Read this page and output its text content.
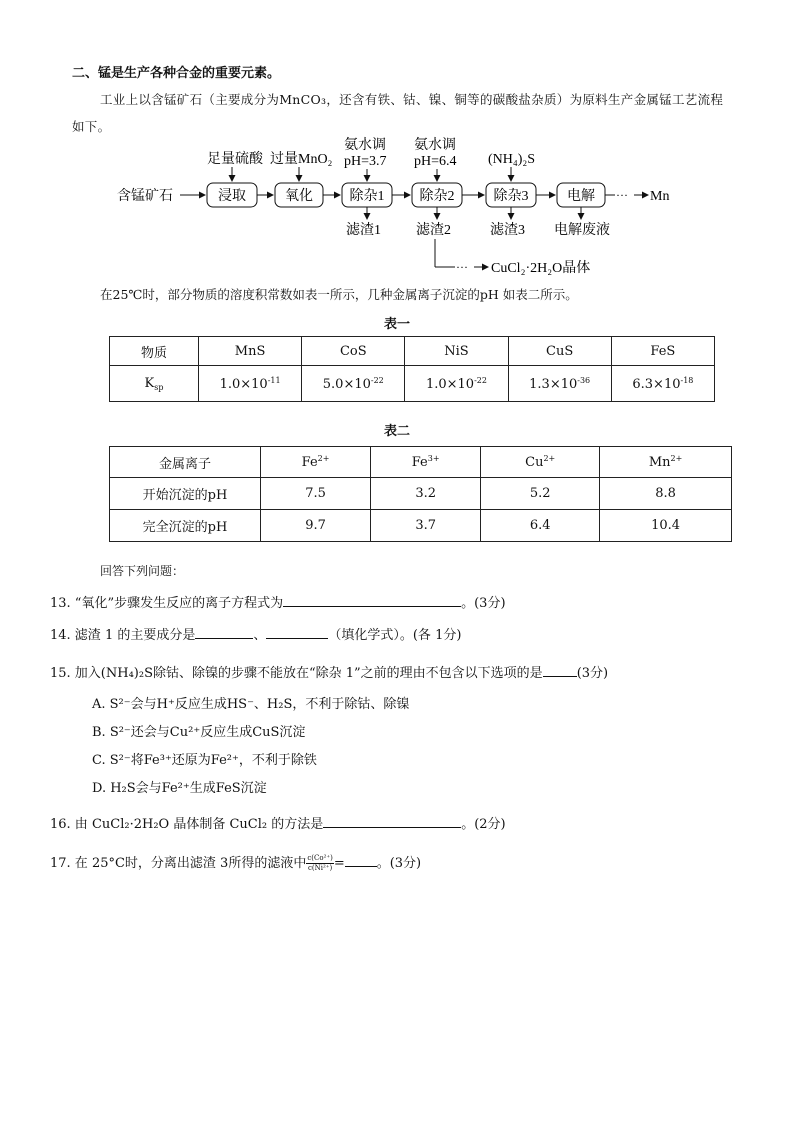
二、锰是生产各种合金的重要元素。
工业上以含锰矿石（主要成分为MnCO₃，还含有铁、钴、镍、铜等的碳酸盐杂质）为原料生产金属锰工艺流程如下。
含锰矿石	浸取	氧化	除杂1	除杂2	除杂3	电解 ··· Mn
足量硫酸 过量MnO₂
氨水调
pH=3.7
氨水调
pH=6.4 (NH₄)₂S
滤渣1	滤渣2	滤渣3 电解废液
··· CuCl₂·2H₂O晶体
在25℃时，部分物质的溶度积常数如表一所示，几种金属离子沉淀的pH 如表二所示。
表一
物质	MnS	CoS	NiS	CuS	FeS
$K_{sp}$	$1.0\times 10^{-11}$	$5.0\times 10^{-22}$	$1.0\times 10^{-22}$	$1.3\times 10^{-36}$	$6.3\times 10^{-18}$
表二
金属离子	$Fe^{2+}$	$Fe^{3+}$	$Cu^{2+}$	$Mn^{2+}$
开始沉淀的pH	7.5	3.2	5.2	8.8
完全沉淀的pH	9.7	3.7	6.4	10.4
回答下列问题：
13. “氧化”步骤发生反应的离子方程式为	。(3分)
14. 滤渣 1 的主要成分是	、	（填化学式）。(各 1分)
15. 加入(NH₄)₂S除钴、除镍的步骤不能放在“除杂 1”之前的理由不包含以下选项的是	(3分)
A. S²⁻会与H⁺反应生成HS⁻、H₂S，不利于除钴、除镍
B. S²⁻还会与Cu²⁺反应生成CuS沉淀
C. S²⁻将Fe³⁺还原为Fe²⁺，不利于除铁
D. H₂S会与Fe²⁺生成FeS沉淀
16. 由 CuCl₂·2H₂O 晶体制备 CuCl₂ 的方法是	。(2分)
17. 在 25°C时，分离出滤渣 3所得的滤液中 $\frac{\text{c(Co²⁺)}}{\text{c(Ni²⁺)}}$ = 。(3分)
